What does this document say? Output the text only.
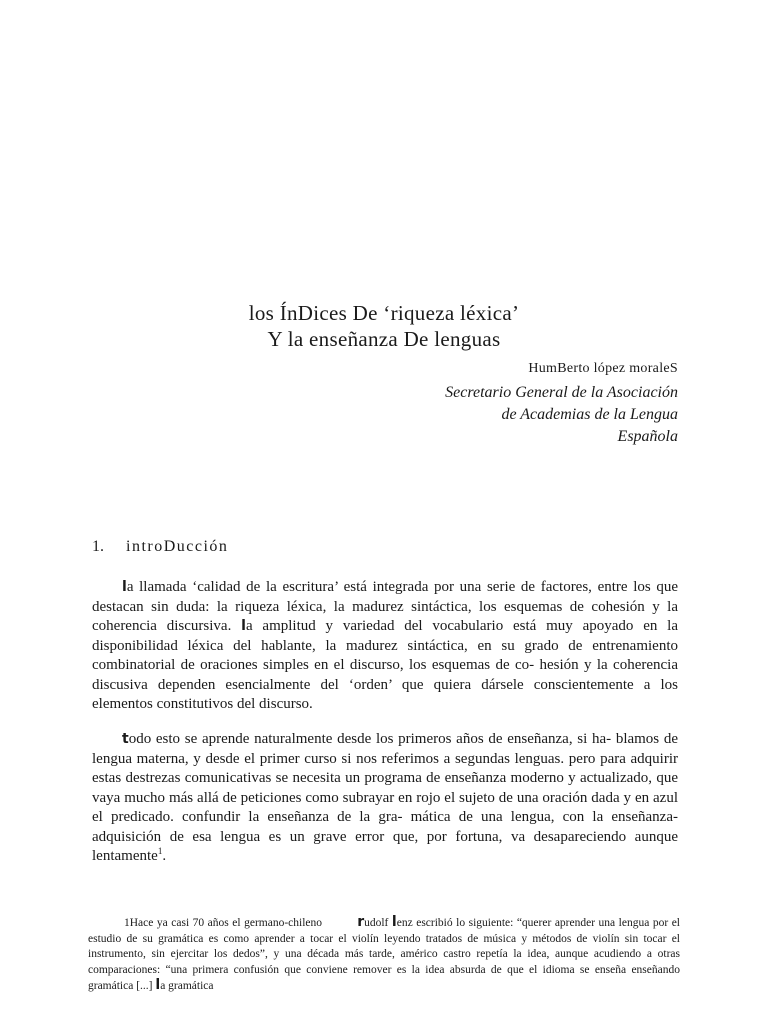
los ÍnDices De ‘riqueza léxica’
Y la enseñanza De lenguas
HumBerto lópez moraleS
Secretario General de la Asociación
de Academias de la Lengua
Española
1. introDucción

la llamada ‘calidad de la escritura’ está integrada por una serie de factores, entre los que destacan sin duda: la riqueza léxica, la madurez sintáctica, los esquemas de cohesión y la coherencia discursiva. la amplitud y variedad del vocabulario está muy apoyado en la disponibilidad léxica del hablante, la madurez sintáctica, en su grado de entrenamiento combinatorial de oraciones simples en el discurso, los esquemas de co- hesión y la coherencia discusiva dependen esencialmente del ‘orden’ que quiera dársele conscientemente a los elementos constitutivos del discurso.

todo esto se aprende naturalmente desde los primeros años de enseñanza, si ha- blamos de lengua materna, y desde el primer curso si nos referimos a segundas lenguas. pero para adquirir estas destrezas comunicativas se necesita un programa de enseñanza moderno y actualizado, que vaya mucho más allá de peticiones como subrayar en rojo el sujeto de una oración dada y en azul el predicado. confundir la enseñanza de la gra- mática de una lengua, con la enseñanza-adquisición de esa lengua es un grave error que, por fortuna, va desapareciendo aunque lentamente$^1$.

1Hace ya casi 70 años el germano-chileno	rudolf lenz escribió lo siguiente: “querer aprender una lengua por el estudio de su gramática es como aprender a tocar el violín leyendo tratados de música y métodos de violín sin tocar el instrumento, sin ejercitar los dedos”, y una década más tarde, américo castro repetía la idea, aunque acudiendo a otras comparaciones: “una primera confusión que conviene remover es la idea absurda de que el idioma se enseña enseñando gramática [...] la gramática
